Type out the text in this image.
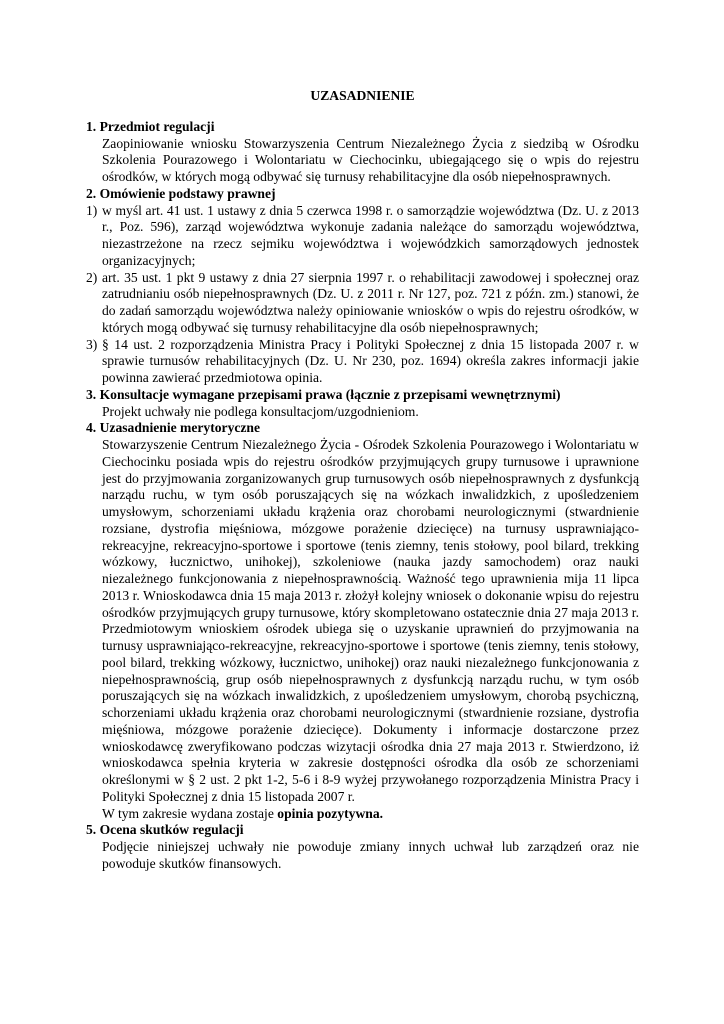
UZASADNIENIE

1. Przedmiot regulacji

Zaopiniowanie wniosku Stowarzyszenia Centrum Niezależnego Życia z siedzibą w Ośrodku Szkolenia Pourazowego i Wolontariatu w Ciechocinku, ubiegającego się o wpis do rejestru ośrodków, w których mogą odbywać się turnusy rehabilitacyjne dla osób niepełnosprawnych.

2. Omówienie podstawy prawnej

1) w myśl art. 41 ust. 1 ustawy z dnia 5 czerwca 1998 r. o samorządzie województwa (Dz. U. z 2013 r., Poz. 596), zarząd województwa wykonuje zadania należące do samorządu województwa, niezastrzeżone na rzecz sejmiku województwa i wojewódzkich samorządowych jednostek organizacyjnych;
2) art. 35 ust. 1 pkt 9 ustawy z dnia 27 sierpnia 1997 r. o rehabilitacji zawodowej i społecznej oraz zatrudnianiu osób niepełnosprawnych (Dz. U. z 2011 r. Nr 127, poz. 721 z późn. zm.) stanowi, że do zadań samorządu województwa należy opiniowanie wniosków o wpis do rejestru ośrodków, w których mogą odbywać się turnusy rehabilitacyjne dla osób niepełnosprawnych;
3) § 14 ust. 2 rozporządzenia Ministra Pracy i Polityki Społecznej z dnia 15 listopada 2007 r. w sprawie turnusów rehabilitacyjnych (Dz. U. Nr 230, poz. 1694) określa zakres informacji jakie powinna zawierać przedmiotowa opinia.

3. Konsultacje wymagane przepisami prawa (łącznie z przepisami wewnętrznymi)

Projekt uchwały nie podlega konsultacjom/uzgodnieniom.

4. Uzasadnienie merytoryczne

Stowarzyszenie Centrum Niezależnego Życia - Ośrodek Szkolenia Pourazowego i Wolontariatu w Ciechocinku posiada wpis do rejestru ośrodków przyjmujących grupy turnusowe i uprawnione jest do przyjmowania zorganizowanych grup turnusowych osób niepełnosprawnych z dysfunkcją narządu ruchu, w tym osób poruszających się na wózkach inwalidzkich, z upośledzeniem umysłowym, schorzeniami układu krążenia oraz chorobami neurologicznymi (stwardnienie rozsiane, dystrofia mięśniowa, mózgowe porażenie dziecięce) na turnusy usprawniająco-rekreacyjne, rekreacyjno-sportowe i sportowe (tenis ziemny, tenis stołowy, pool bilard, trekking wózkowy, łucznictwo, unihokej), szkoleniowe (nauka jazdy samochodem) oraz nauki niezależnego funkcjonowania z niepełnosprawnością. Ważność tego uprawnienia mija 11 lipca 2013 r. Wnioskodawca dnia 15 maja 2013 r. złożył kolejny wniosek o dokonanie wpisu do rejestru ośrodków przyjmujących grupy turnusowe, który skompletowano ostatecznie dnia 27 maja 2013 r. Przedmiotowym wnioskiem ośrodek ubiega się o uzyskanie uprawnień do przyjmowania na turnusy usprawniająco-rekreacyjne, rekreacyjno-sportowe i sportowe (tenis ziemny, tenis stołowy, pool bilard, trekking wózkowy, łucznictwo, unihokej) oraz nauki niezależnego funkcjonowania z niepełnosprawnością, grup osób niepełnosprawnych z dysfunkcją narządu ruchu, w tym osób poruszających się na wózkach inwalidzkich, z upośledzeniem umysłowym, chorobą psychiczną, schorzeniami układu krążenia oraz chorobami neurologicznymi (stwardnienie rozsiane, dystrofia mięśniowa, mózgowe porażenie dziecięce). Dokumenty i informacje dostarczone przez wnioskodawcę zweryfikowano podczas wizytacji ośrodka dnia 27 maja 2013 r. Stwierdzono, iż wnioskodawca spełnia kryteria w zakresie dostępności ośrodka dla osób ze schorzeniami określonymi w § 2 ust. 2 pkt 1-2, 5-6 i 8-9 wyżej przywołanego rozporządzenia Ministra Pracy i Polityki Społecznej z dnia 15 listopada 2007 r.

W tym zakresie wydana zostaje opinia pozytywna.

5. Ocena skutków regulacji

Podjęcie niniejszej uchwały nie powoduje zmiany innych uchwał lub zarządzeń oraz nie powoduje skutków finansowych.
